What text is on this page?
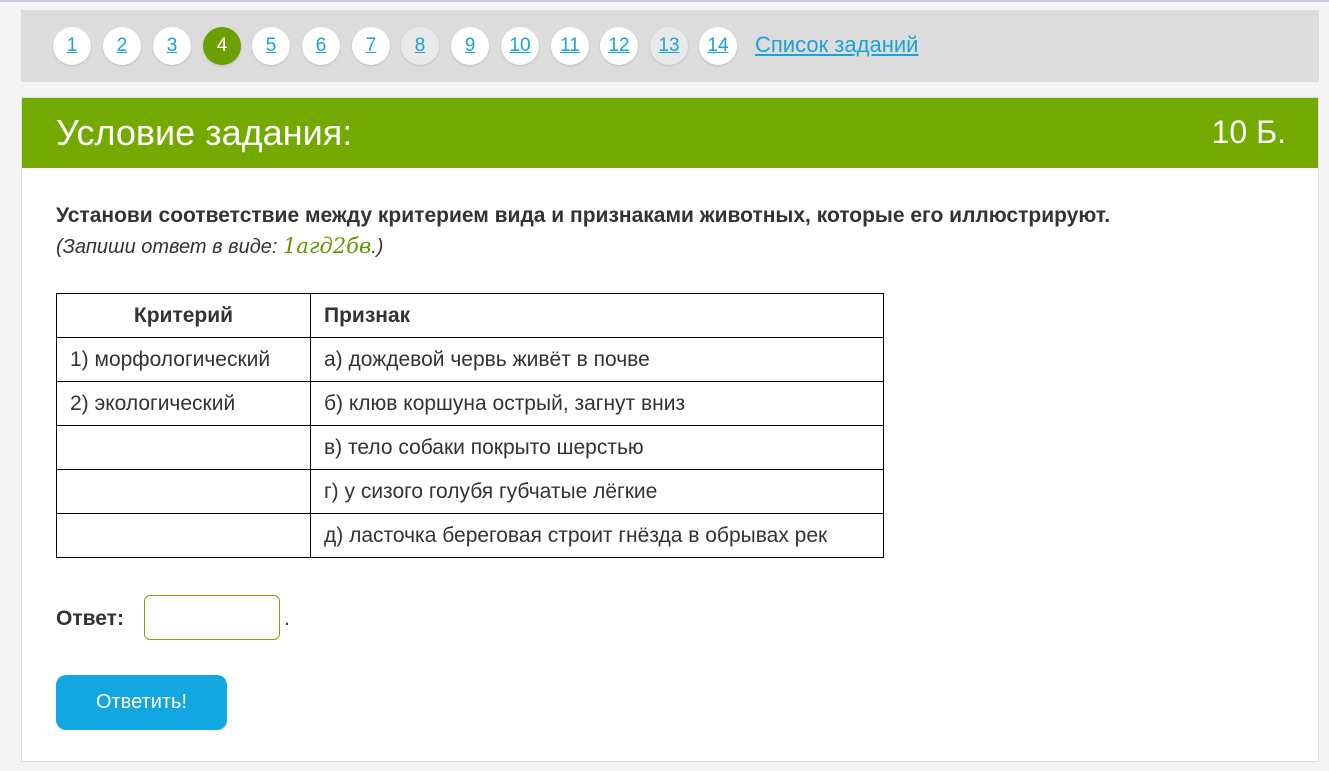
1	2	3	4	5	6	7	8	9	10	11	12	13	14	Список заданий
Условие задания:	10 Б.
Установи соответствие между критерием вида и признаками животных, которые его иллюстрируют.
(Запиши ответ в виде: 1агд2бв.)
Критерий	Признак
1) морфологический	а) дождевой червь живёт в почве
2) экологический	б) клюв коршуна острый, загнут вниз
	в) тело собаки покрыто шерстью
	г) у сизого голубя губчатые лёгкие
	д) ласточка береговая строит гнёзда в обрывах рек
Ответ:	.
Ответить!
